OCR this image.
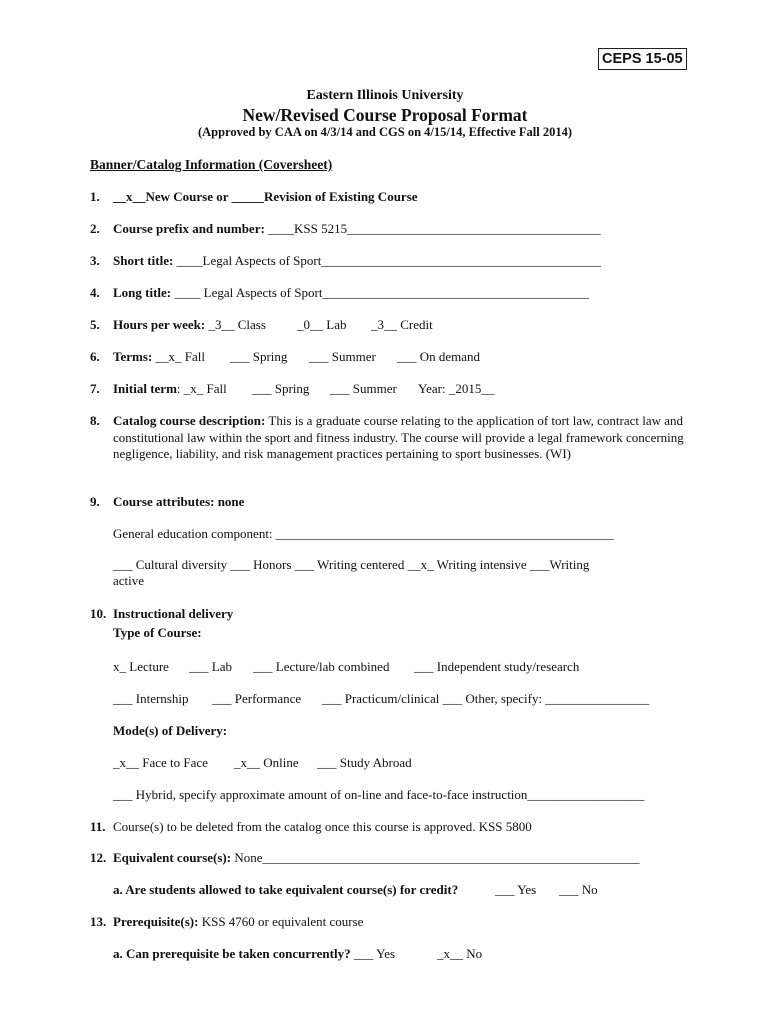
CEPS 15-05
Eastern Illinois University
New/Revised Course Proposal Format
(Approved by CAA on 4/3/14 and CGS on 4/15/14, Effective Fall 2014)
Banner/Catalog Information (Coversheet)
1. __x__New Course or _____Revision of Existing Course
2. Course prefix and number: ____KSS 5215_______________________________________
3. Short title: ____Legal Aspects of Sport___________________________________________
4. Long title: ____ Legal Aspects of Sport_________________________________________
5. Hours per week: _3__ Class _0__ Lab _3__ Credit
6. Terms: __x_ Fall ___ Spring ___ Summer ___ On demand
7. Initial term: _x_ Fall ___ Spring ___ Summer Year: _2015__
8. Catalog course description: This is a graduate course relating to the application of tort law, contract law and constitutional law within the sport and fitness industry. The course will provide a legal framework concerning negligence, liability, and risk management practices pertaining to sport businesses. (WI)
9. Course attributes: none
General education component: ____________________________________________________
___ Cultural diversity ___ Honors ___ Writing centered __x_ Writing intensive ___Writing
active
10. Instructional delivery
Type of Course:
x_ Lecture ___ Lab ___ Lecture/lab combined ___ Independent study/research
___ Internship ___ Performance ___ Practicum/clinical ___ Other, specify: ________________
Mode(s) of Delivery:
_x__ Face to Face _x__ Online ___ Study Abroad
___ Hybrid, specify approximate amount of on-line and face-to-face instruction__________________
11. Course(s) to be deleted from the catalog once this course is approved. KSS 5800
12. Equivalent course(s): None__________________________________________________________
a. Are students allowed to take equivalent course(s) for credit?	___ Yes ___ No
13. Prerequisite(s): KSS 4760 or equivalent course
a. Can prerequisite be taken concurrently? ___ Yes	_x__ No
